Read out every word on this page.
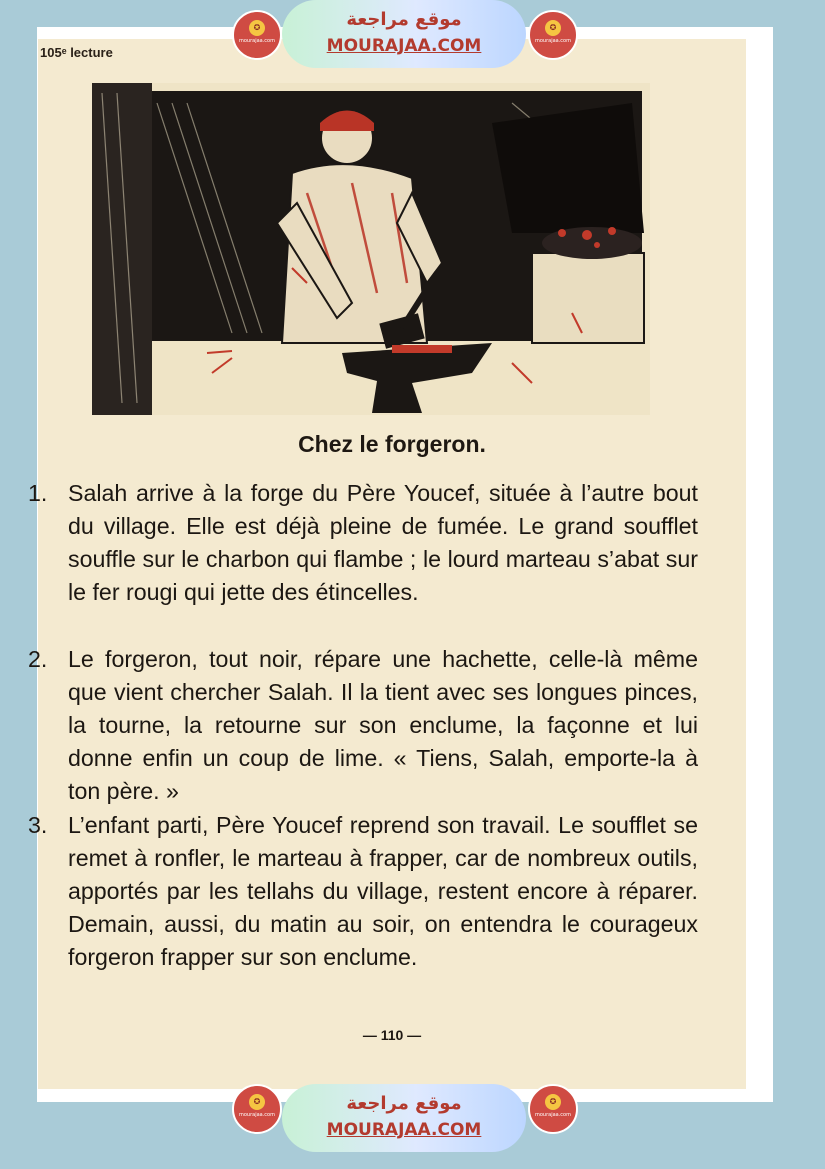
105ᵉ lecture
Chez le forgeron.
1. Salah arrive à la forge du Père Youcef, située à l’autre bout du village. Elle est déjà pleine de fumée. Le grand soufflet souffle sur le charbon qui flambe ; le lourd marteau s’abat sur le fer rougi qui jette des étincelles.
2. Le forgeron, tout noir, répare une hachette, celle-là même que vient chercher Salah. Il la tient avec ses longues pinces, la tourne, la retourne sur son enclume, la façonne et lui donne enfin un coup de lime. « Tiens, Salah, emporte-la à ton père. »
3. L’enfant parti, Père Youcef reprend son travail. Le soufflet se remet à ronfler, le marteau à frapper, car de nombreux outils, apportés par les tellahs du village, restent encore à réparer. Demain, aussi, du matin au soir, on entendra le courageux forgeron frapper sur son enclume.
— 110 —
✪
mourajaa.com
موقع مراجعة
MOURAJAA.COM
✪
mourajaa.com
✪
mourajaa.com
موقع مراجعة
MOURAJAA.COM
✪
mourajaa.com
